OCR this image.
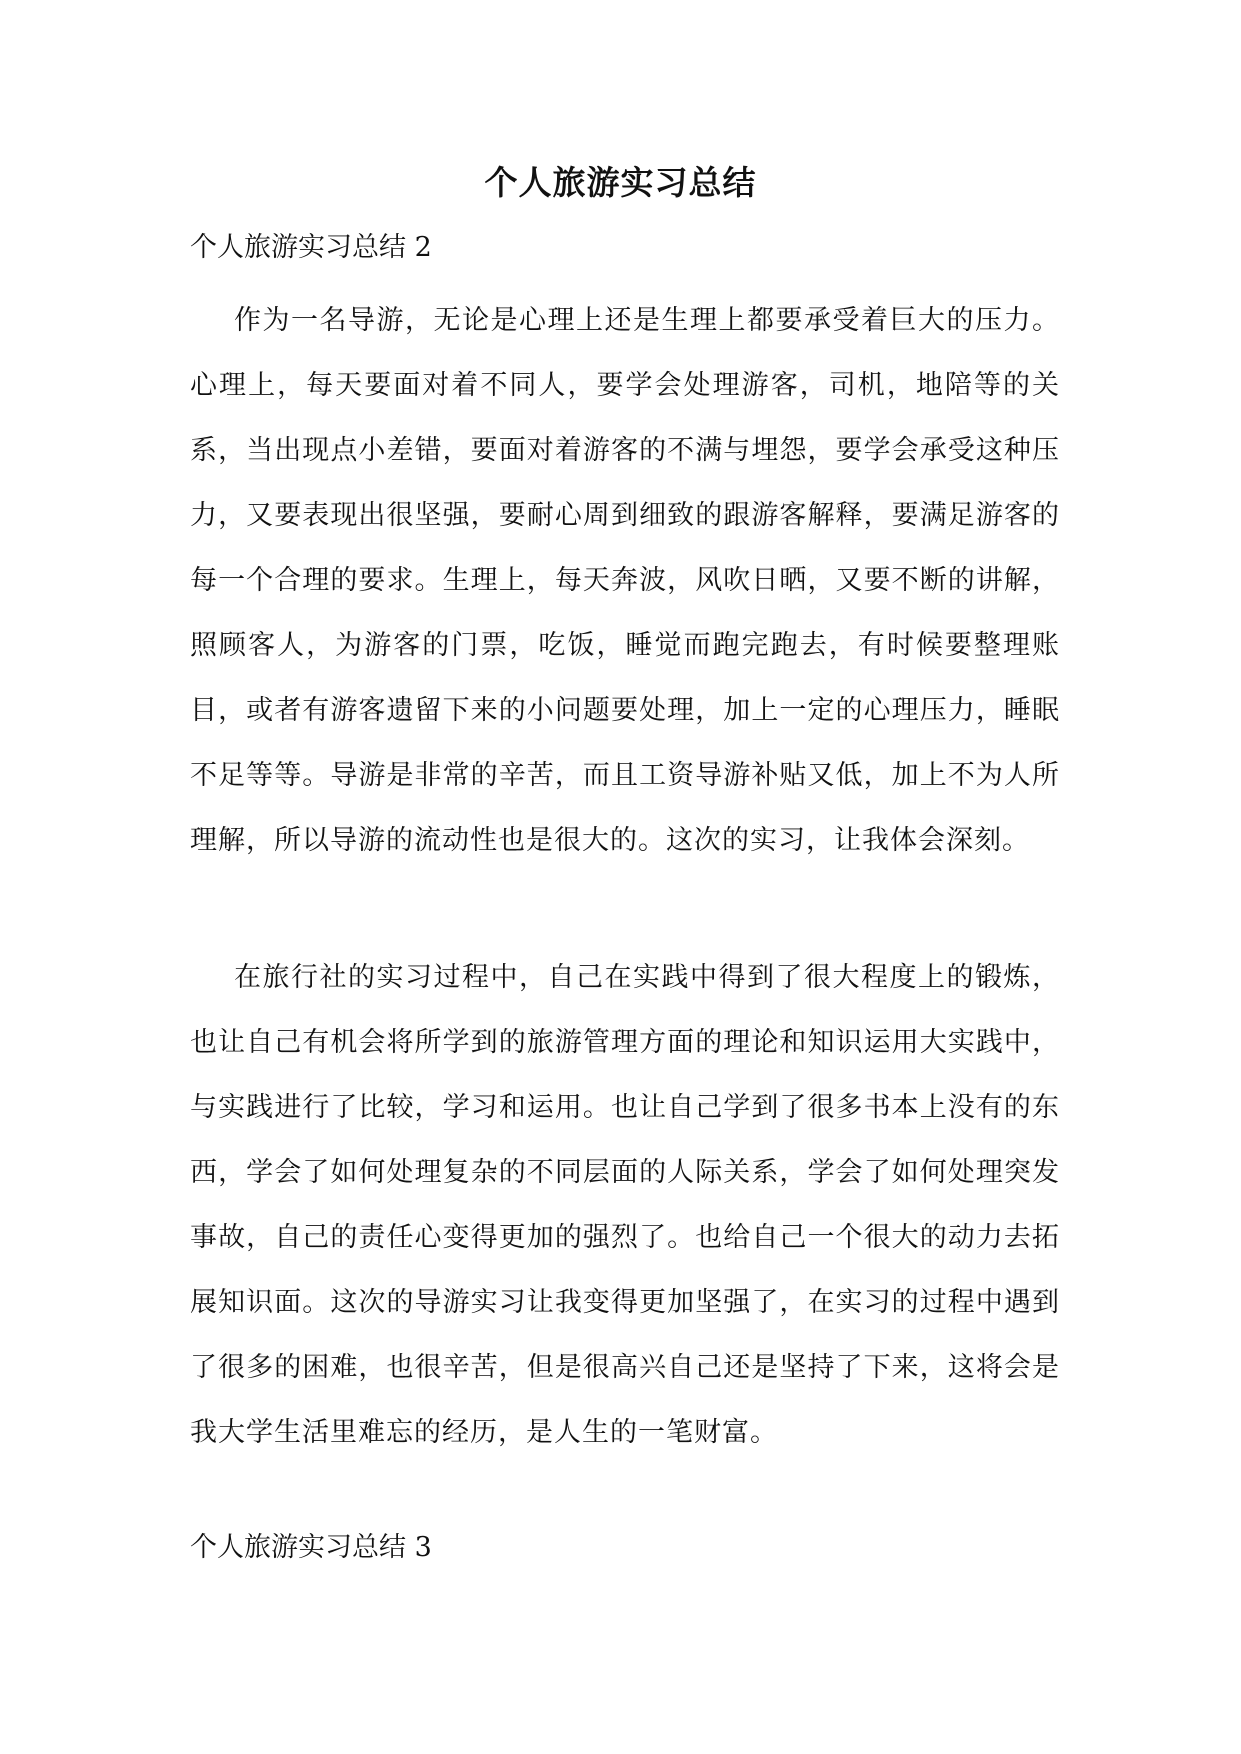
个人旅游实习总结
个人旅游实习总结 2

作为一名导游，无论是心理上还是生理上都要承受着巨大的压力。心理上，每天要面对着不同人，要学会处理游客，司机，地陪等的关系，当出现点小差错，要面对着游客的不满与埋怨，要学会承受这种压力，又要表现出很坚强，要耐心周到细致的跟游客解释，要满足游客的每一个合理的要求。生理上，每天奔波，风吹日晒，又要不断的讲解，照顾客人，为游客的门票，吃饭，睡觉而跑完跑去，有时候要整理账目，或者有游客遗留下来的小问题要处理，加上一定的心理压力，睡眠不足等等。导游是非常的辛苦，而且工资导游补贴又低，加上不为人所理解，所以导游的流动性也是很大的。这次的实习，让我体会深刻。

在旅行社的实习过程中，自己在实践中得到了很大程度上的锻炼，也让自己有机会将所学到的旅游管理方面的理论和知识运用大实践中，与实践进行了比较，学习和运用。也让自己学到了很多书本上没有的东西，学会了如何处理复杂的不同层面的人际关系，学会了如何处理突发事故，自己的责任心变得更加的强烈了。也给自己一个很大的动力去拓展知识面。这次的导游实习让我变得更加坚强了，在实习的过程中遇到了很多的困难，也很辛苦，但是很高兴自己还是坚持了下来，这将会是我大学生活里难忘的经历，是人生的一笔财富。

个人旅游实习总结 3
